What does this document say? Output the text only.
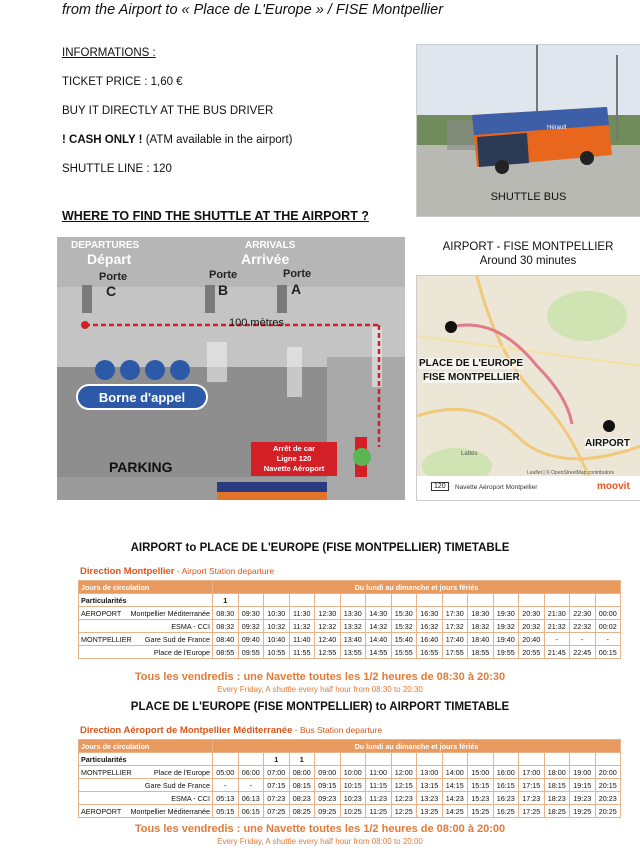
from the Airport to « Place de L'Europe » / FISE Montpellier
INFORMATIONS :
TICKET PRICE : 1,60 €
BUY IT DIRECTLY AT THE BUS DRIVER
! CASH ONLY ! (ATM available in the airport)
SHUTTLE LINE : 120
Hérault
SHUTTLE BUS
WHERE TO FIND THE SHUTTLE AT THE AIRPORT ?
DEPARTURES
Départ
ARRIVALS
Arrivée
Porte
C
Porte
B
Porte
A
100 mètres
Borne d'appel
PARKING
Arrêt de car
Ligne 120
Navette Aéroport
AIRPORT - FISE MONTPELLIER
Around 30 minutes
PLACE DE L'EUROPE
FISE MONTPELLIER
AIRPORT
Lattes
Leaflet | © OpenStreetMap contributors
120	Navette Aéroport Montpellier	moovit
AIRPORT to PLACE DE L'EUROPE (FISE MONTPELLIER) TIMETABLE
Direction Montpellier - Airport Station departure
Jours de circulation	Du lundi au dimanche et jours fériés															
Particularités	1															
AEROPORT Montpellier Méditerranée	08:30	09:30	10:30	11:30	12:30	13:30	14:30	15:30	16:30	17:30	18:30	19:30	20:30	21:30	22:30	00:00

ESMA - CCI	08:32	09:32	10:32	11:32	12:32	13:32	14:32	15:32	16:32	17:32	18:32	19:32	20:32	21:32	22:32	00:02
MONTPELLIER Gare Sud de France	08:40	09:40	10:40	11:40	12:40	13:40	14:40	15:40	16:40	17:40	18:40	19:40	20:40	-	-	-

Place de l'Europe	08:55	09:55	10:55	11:55	12:55	13:55	14:55	15:55	16:55	17:55	18:55	19:55	20:55	21:45	22:45	00:15
Tous les vendredis : une Navette toutes les 1/2 heures de 08:30 à 20:30
Every Friday, A shuttle every half hour from 08:30 to 20:30
PLACE DE L'EUROPE (FISE MONTPELLIER) to AIRPORT TIMETABLE
Direction Aéroport de Montpellier Méditerranée - Bus Station departure
Jours de circulation	Du lundi au dimanche et jours fériés															
Particularités			1	1												
MONTPELLIER Place de l'Europe	05:00	06:00	07:00	08:00	09:00	10:00	11:00	12:00	13:00	14:00	15:00	16:00	17:00	18:00	19:00	20:00

Gare Sud de France	-	-	07:15	08:15	09:15	10:15	11:15	12:15	13:15	14:15	15:15	16:15	17:15	18:15	19:15	20:15

ESMA - CCI	05:13	06:13	07:23	08:23	09:23	10:23	11:23	12:23	13:23	14:23	15:23	16:23	17:23	18:23	19:23	20:23
AEROPORT Montpellier Méditerranée	05:15	06:15	07:25	08:25	09:25	10:25	11:25	12:25	13:25	14:25	15:25	16:25	17:25	18:25	19:25	20:25
Tous les vendredis : une Navette toutes les 1/2 heures de 08:00 à 20:00
Every Friday, A shuttle every half hour from 08:00 to 20:00
